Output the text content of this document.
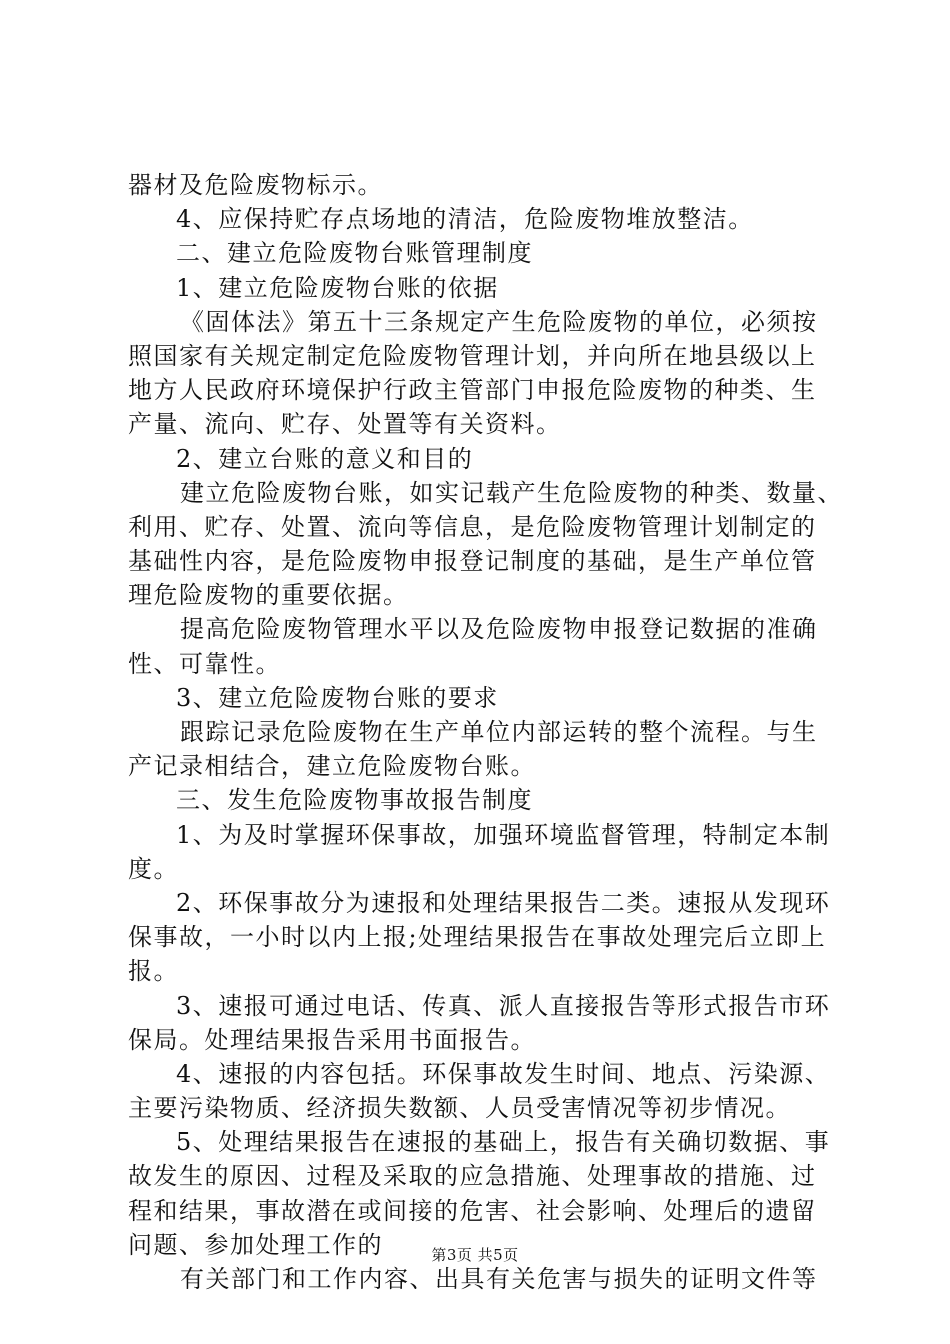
器材及危险废物标示。
4、应保持贮存点场地的清洁，危险废物堆放整洁。
二、建立危险废物台账管理制度
1、建立危险废物台账的依据
《固体法》第五十三条规定产生危险废物的单位，必须按
照国家有关规定制定危险废物管理计划，并向所在地县级以上
地方人民政府环境保护行政主管部门申报危险废物的种类、生
产量、流向、贮存、处置等有关资料。
2、建立台账的意义和目的
建立危险废物台账，如实记载产生危险废物的种类、数量、
利用、贮存、处置、流向等信息，是危险废物管理计划制定的
基础性内容，是危险废物申报登记制度的基础，是生产单位管
理危险废物的重要依据。
提高危险废物管理水平以及危险废物申报登记数据的准确
性、可靠性。
3、建立危险废物台账的要求
跟踪记录危险废物在生产单位内部运转的整个流程。与生
产记录相结合，建立危险废物台账。
三、发生危险废物事故报告制度
1、为及时掌握环保事故，加强环境监督管理，特制定本制
度。
2、环保事故分为速报和处理结果报告二类。速报从发现环
保事故，一小时以内上报;处理结果报告在事故处理完后立即上
报。
3、速报可通过电话、传真、派人直接报告等形式报告市环
保局。处理结果报告采用书面报告。
4、速报的内容包括。环保事故发生时间、地点、污染源、
主要污染物质、经济损失数额、人员受害情况等初步情况。
5、处理结果报告在速报的基础上，报告有关确切数据、事
故发生的原因、过程及采取的应急措施、处理事故的措施、过
程和结果，事故潜在或间接的危害、社会影响、处理后的遗留
问题、参加处理工作的
有关部门和工作内容、出具有关危害与损失的证明文件等
第3页 共5页
